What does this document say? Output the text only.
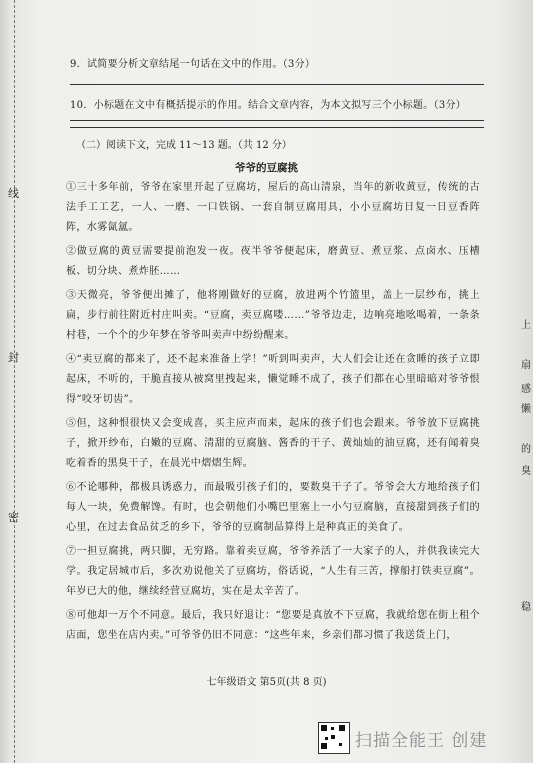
线
封
密
9．试简要分析文章结尾一句话在文中的作用。（3分）
10．小标题在文中有概括提示的作用。结合文章内容，为本文拟写三个小标题。（3分）
（二）阅读下文，完成 11～13 题。（共 12 分）
爷爷的豆腐挑

①三十多年前，爷爷在家里开起了豆腐坊，屋后的高山清泉，当年的新收黄豆，传统的古法手工工艺，一人、一磨、一口铁锅、一套自制豆腐用具，小小豆腐坊日复一日豆香阵阵，水雾氤氲。

②做豆腐的黄豆需要提前泡发一夜。夜半爷爷便起床，磨黄豆、煮豆浆、点卤水、压槽板、切分块、煮炸胚……

③天微亮，爷爷便出摊了，他将刚做好的豆腐，放进两个竹篮里，盖上一层纱布，挑上扁，步行前往附近村庄叫卖。“豆腐，卖豆腐喽……”爷爷边走，边响亮地吆喝着，一条条村巷，一个个的少年梦在爷爷叫卖声中纷纷醒来。

④“卖豆腐的都来了，还不起来准备上学！”听到叫卖声，大人们会让还在贪睡的孩子立即起床，不听的，干脆直接从被窝里拽起来，懒觉睡不成了，孩子们都在心里暗暗对爷爷恨得“咬牙切齿”。

⑤但，这种恨很快又会变成喜，买主应声而来，起床的孩子们也会跟来。爷爷放下豆腐挑子，掀开纱布，白嫩的豆腐、清甜的豆腐脑、酱香的干子、黄灿灿的油豆腐，还有闻着臭吃着香的黑臭干子，在晨光中熠熠生辉。

⑥不论哪种，都极具诱惑力，而最吸引孩子们的，要数臭干子了。爷爷会大方地给孩子们每人一块，免费解馋。有时，也会朝他们小嘴巴里塞上一小勺豆腐脑，直接甜到孩子们的心里，在过去食品贫乏的乡下，爷爷的豆腐制品算得上是种真正的美食了。

⑦一担豆腐挑，两只脚，无穷路。靠着卖豆腐，爷爷养活了一大家子的人，并供我读完大学。我定居城市后，多次劝说他关了豆腐坊，俗话说，“人生有三苦，撑船打铁卖豆腐”。年岁已大的他，继续经营豆腐坊，实在是太辛苦了。

⑧可他却一万个不同意。最后，我只好退让：“您要是真放不下豆腐，我就给您在街上租个店面，您坐在店内卖。”可爷爷仍旧不同意：“这些年来，乡亲们都习惯了我送货上门，

上
扇
感
懒
的
臭
稳
七年级语文 第5页(共 8 页)
扫描全能王 创建
